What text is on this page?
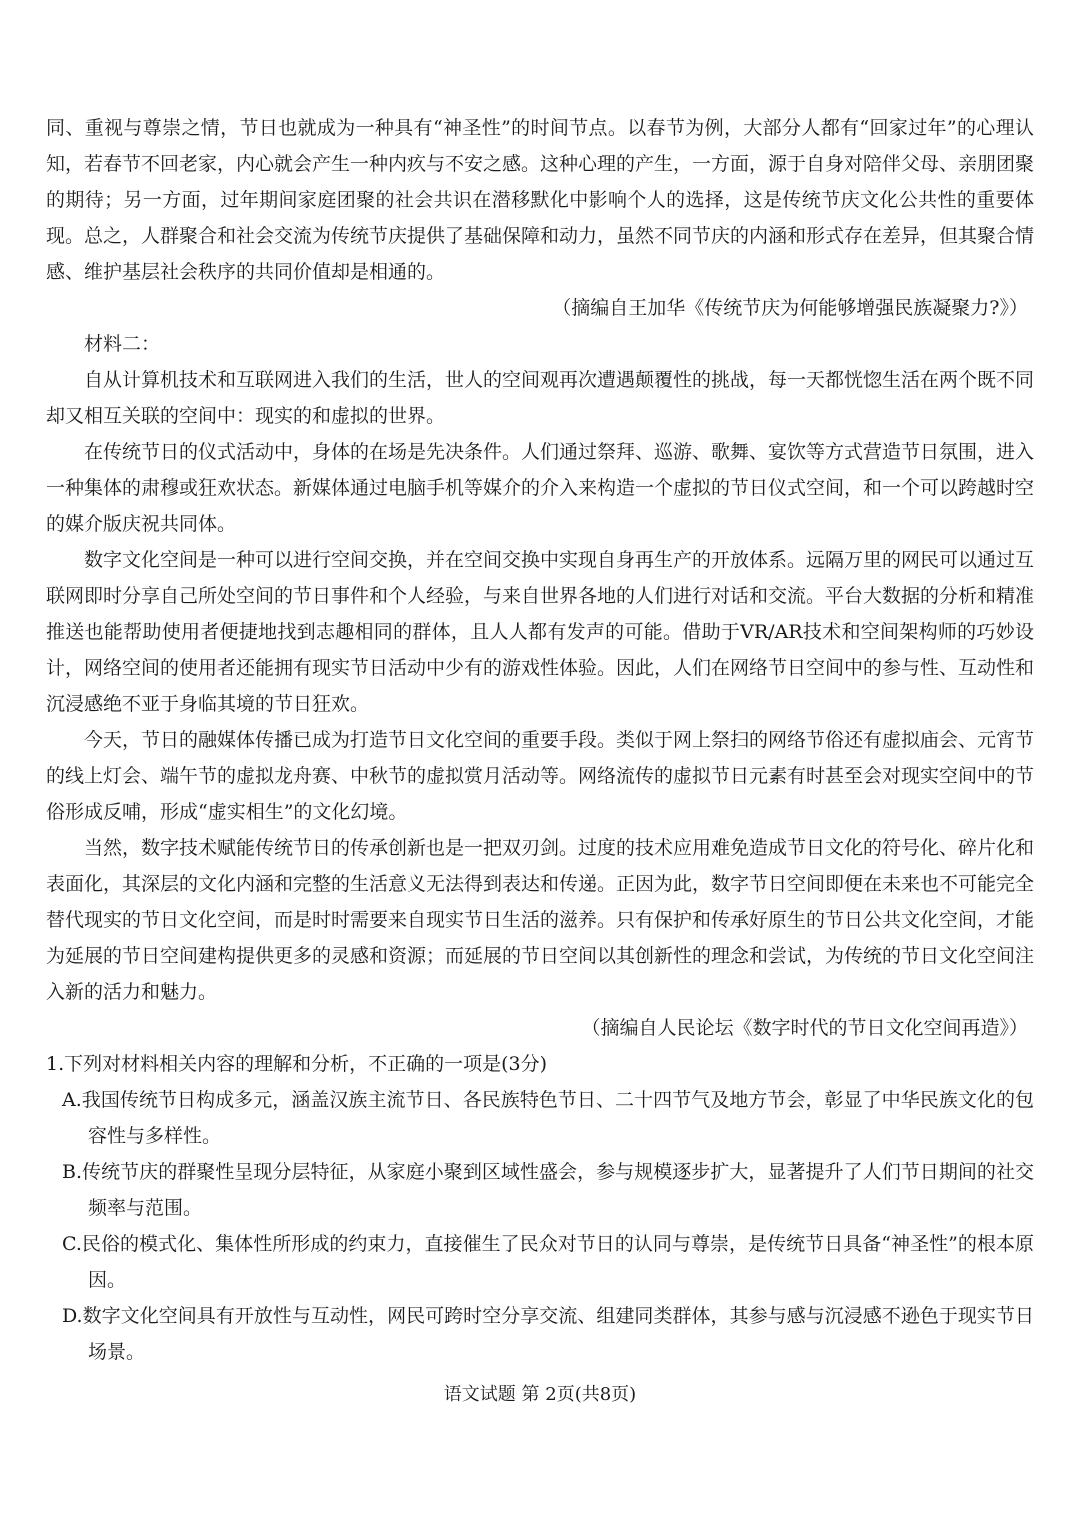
同、重视与尊崇之情，节日也就成为一种具有“神圣性”的时间节点。以春节为例，大部分人都有“回家过年”的心理认知，若春节不回老家，内心就会产生一种内疚与不安之感。这种心理的产生，一方面，源于自身对陪伴父母、亲朋团聚的期待；另一方面，过年期间家庭团聚的社会共识在潜移默化中影响个人的选择，这是传统节庆文化公共性的重要体现。总之，人群聚合和社会交流为传统节庆提供了基础保障和动力，虽然不同节庆的内涵和形式存在差异，但其聚合情感、维护基层社会秩序的共同价值却是相通的。

（摘编自王加华《传统节庆为何能够增强民族凝聚力?》）

材料二：

自从计算机技术和互联网进入我们的生活，世人的空间观再次遭遇颠覆性的挑战，每一天都恍惚生活在两个既不同却又相互关联的空间中：现实的和虚拟的世界。

在传统节日的仪式活动中，身体的在场是先决条件。人们通过祭拜、巡游、歌舞、宴饮等方式营造节日氛围，进入一种集体的肃穆或狂欢状态。新媒体通过电脑手机等媒介的介入来构造一个虚拟的节日仪式空间，和一个可以跨越时空的媒介版庆祝共同体。

数字文化空间是一种可以进行空间交换，并在空间交换中实现自身再生产的开放体系。远隔万里的网民可以通过互联网即时分享自己所处空间的节日事件和个人经验，与来自世界各地的人们进行对话和交流。平台大数据的分析和精准推送也能帮助使用者便捷地找到志趣相同的群体，且人人都有发声的可能。借助于VR/AR技术和空间架构师的巧妙设计，网络空间的使用者还能拥有现实节日活动中少有的游戏性体验。因此，人们在网络节日空间中的参与性、互动性和沉浸感绝不亚于身临其境的节日狂欢。

今天，节日的融媒体传播已成为打造节日文化空间的重要手段。类似于网上祭扫的网络节俗还有虚拟庙会、元宵节的线上灯会、端午节的虚拟龙舟赛、中秋节的虚拟赏月活动等。网络流传的虚拟节日元素有时甚至会对现实空间中的节俗形成反哺，形成“虚实相生”的文化幻境。

当然，数字技术赋能传统节日的传承创新也是一把双刃剑。过度的技术应用难免造成节日文化的符号化、碎片化和表面化，其深层的文化内涵和完整的生活意义无法得到表达和传递。正因为此，数字节日空间即便在未来也不可能完全替代现实的节日文化空间，而是时时需要来自现实节日生活的滋养。只有保护和传承好原生的节日公共文化空间，才能为延展的节日空间建构提供更多的灵感和资源；而延展的节日空间以其创新性的理念和尝试，为传统的节日文化空间注入新的活力和魅力。

（摘编自人民论坛《数字时代的节日文化空间再造》）

1.下列对材料相关内容的理解和分析，不正确的一项是(3分)

A.我国传统节日构成多元，涵盖汉族主流节日、各民族特色节日、二十四节气及地方节会，彰显了中华民族文化的包容性与多样性。

B.传统节庆的群聚性呈现分层特征，从家庭小聚到区域性盛会，参与规模逐步扩大，显著提升了人们节日期间的社交频率与范围。

C.民俗的模式化、集体性所形成的约束力，直接催生了民众对节日的认同与尊崇，是传统节日具备“神圣性”的根本原因。

D.数字文化空间具有开放性与互动性，网民可跨时空分享交流、组建同类群体，其参与感与沉浸感不逊色于现实节日场景。

语文试题 第 2页(共8页)
